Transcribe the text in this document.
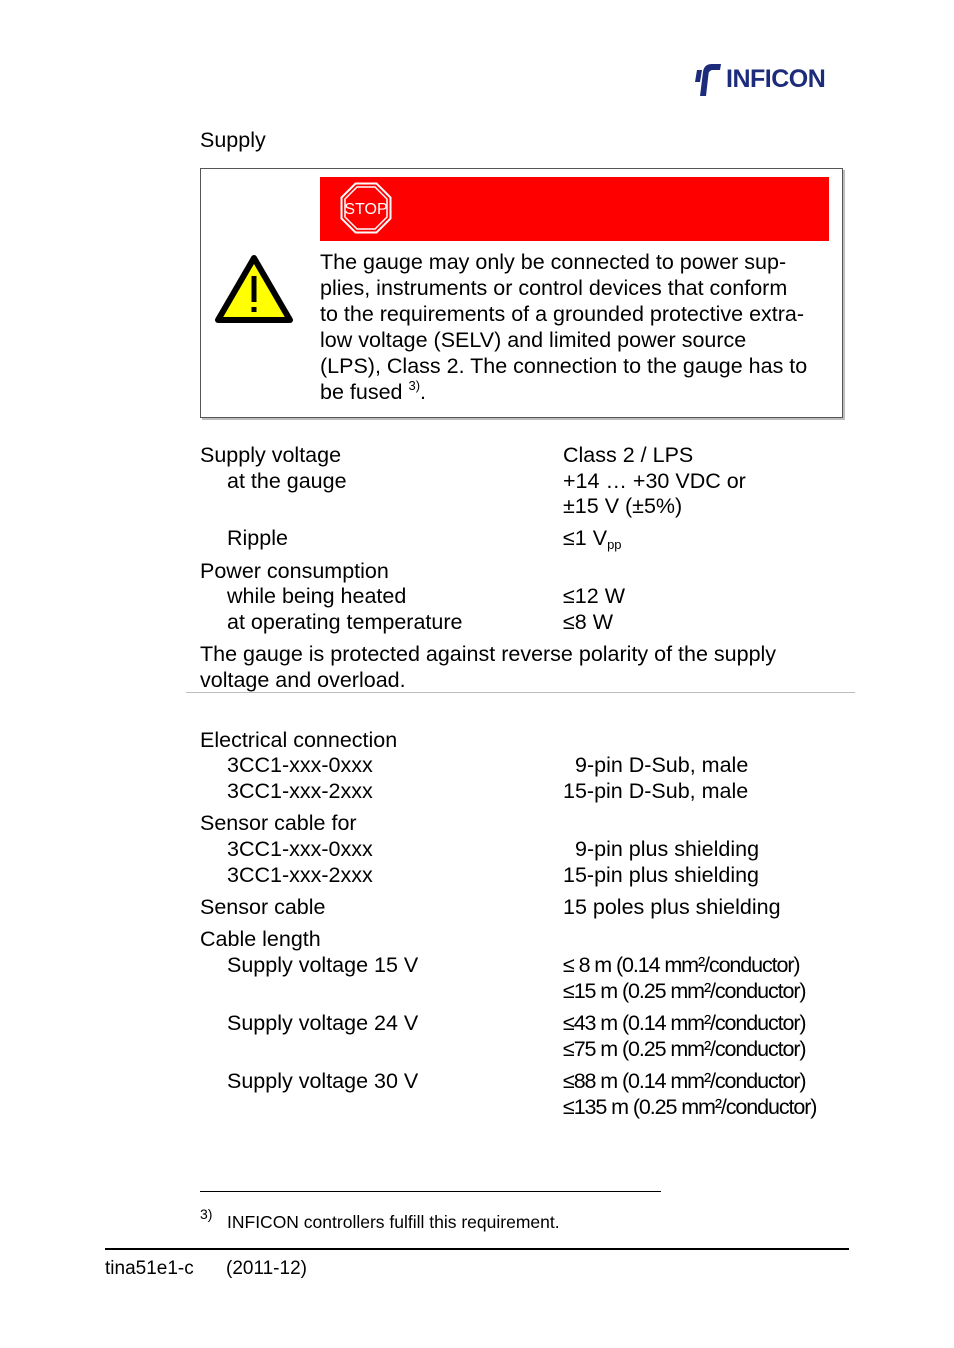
INFICON
Supply
STOP
The gauge may only be connected to power sup-
plies, instruments or control devices that conform
to the requirements of a grounded protective extra-
low voltage (SELV) and limited power source
(LPS), Class 2. The connection to the gauge has to
be fused $^{3)}$.
Supply voltage	Class 2 / LPS
at the gauge	+14 … +30 VDC or
±15 V (±5%)
Ripple	≤1 $V_{pp}$
Power consumption
while being heated	≤12 W
at operating temperature	≤8 W
The gauge is protected against reverse polarity of the supply
voltage and overload.
Electrical connection
3CC1-xxx-0xxx	9-pin D-Sub, male
3CC1-xxx-2xxx	15-pin D-Sub, male
Sensor cable for
3CC1-xxx-0xxx	9-pin plus shielding
3CC1-xxx-2xxx	15-pin plus shielding
Sensor cable	15 poles plus shielding
Cable length
Supply voltage 15 V	≤ 8 m (0.14 mm²/conductor)
≤15 m (0.25 mm²/conductor)
Supply voltage 24 V	≤43 m (0.14 mm²/conductor)
≤75 m (0.25 mm²/conductor)
Supply voltage 30 V	≤88 m (0.14 mm²/conductor)
≤135 m (0.25 mm²/conductor)
3) INFICON controllers fulfill this requirement.
tina51e1-c (2011-12)
